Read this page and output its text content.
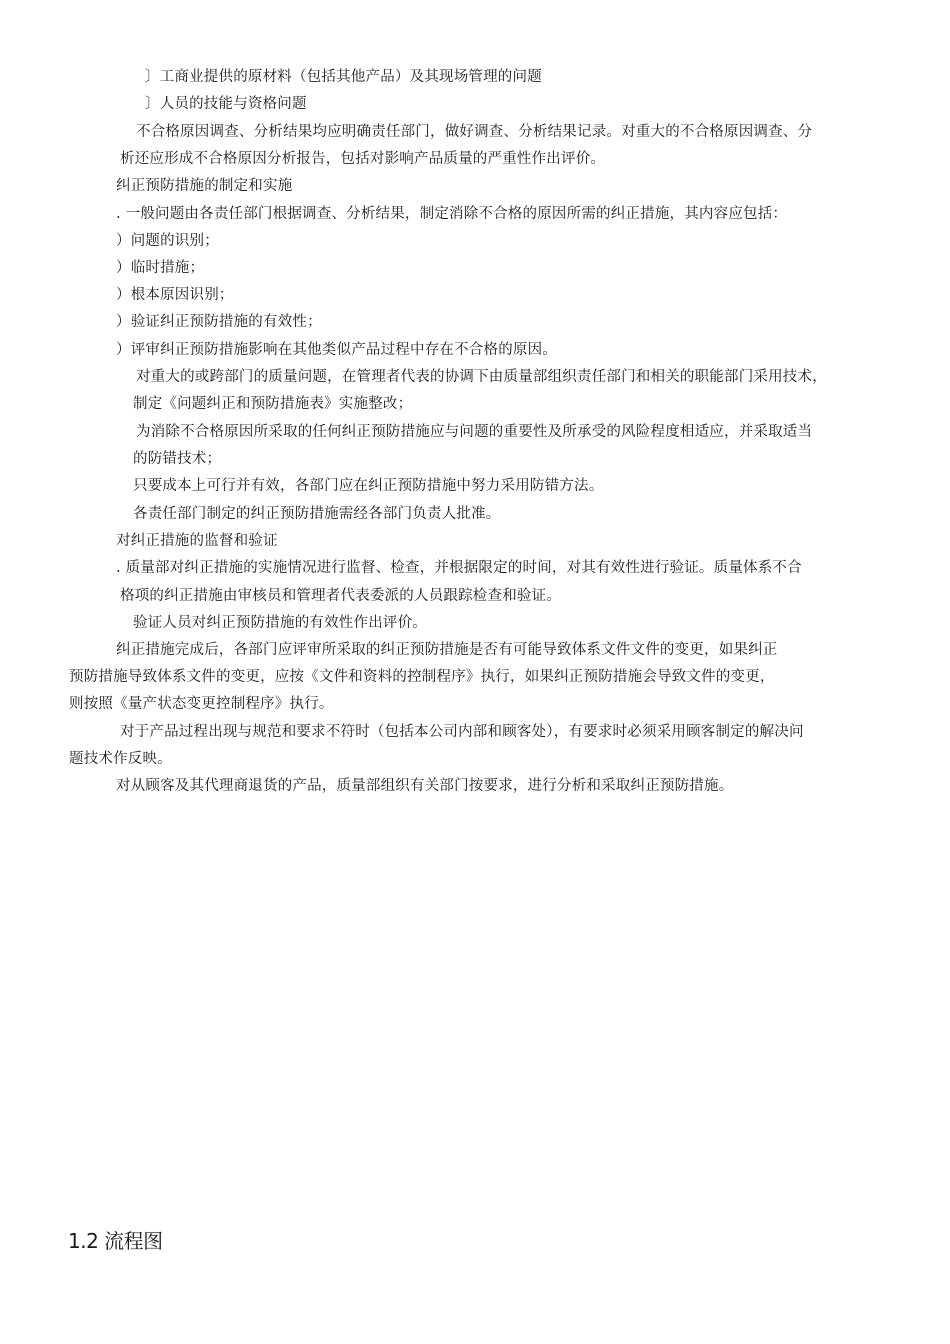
〕工商业提供的原材料（包括其他产品）及其现场管理的问题
〕人员的技能与资格问题
不合格原因调查、分析结果均应明确责任部门，做好调查、分析结果记录。对重大的不合格原因调查、分
析还应形成不合格原因分析报告，包括对影响产品质量的严重性作出评价。
纠正预防措施的制定和实施
. 一般问题由各责任部门根据调查、分析结果，制定消除不合格的原因所需的纠正措施，其内容应包括：
）问题的识别；
）临时措施；
）根本原因识别；
）验证纠正预防措施的有效性；
）评审纠正预防措施影响在其他类似产品过程中存在不合格的原因。
对重大的或跨部门的质量问题，在管理者代表的协调下由质量部组织责任部门和相关的职能部门采用技术，
制定《问题纠正和预防措施表》实施整改；
为消除不合格原因所采取的任何纠正预防措施应与问题的重要性及所承受的风险程度相适应，并采取适当
的防错技术；
只要成本上可行并有效，各部门应在纠正预防措施中努力采用防错方法。
各责任部门制定的纠正预防措施需经各部门负责人批准。
对纠正措施的监督和验证
. 质量部对纠正措施的实施情况进行监督、检查，并根据限定的时间，对其有效性进行验证。质量体系不合
格项的纠正措施由审核员和管理者代表委派的人员跟踪检查和验证。
验证人员对纠正预防措施的有效性作出评价。
纠正措施完成后，各部门应评审所采取的纠正预防措施是否有可能导致体系文件文件的变更，如果纠正
预防措施导致体系文件的变更，应按《文件和资料的控制程序》执行，如果纠正预防措施会导致文件的变更，
则按照《量产状态变更控制程序》执行。
对于产品过程出现与规范和要求不符时（包括本公司内部和顾客处），有要求时必须采用顾客制定的解决问
题技术作反映。
对从顾客及其代理商退货的产品，质量部组织有关部门按要求，进行分析和采取纠正预防措施。
1.2 流程图
